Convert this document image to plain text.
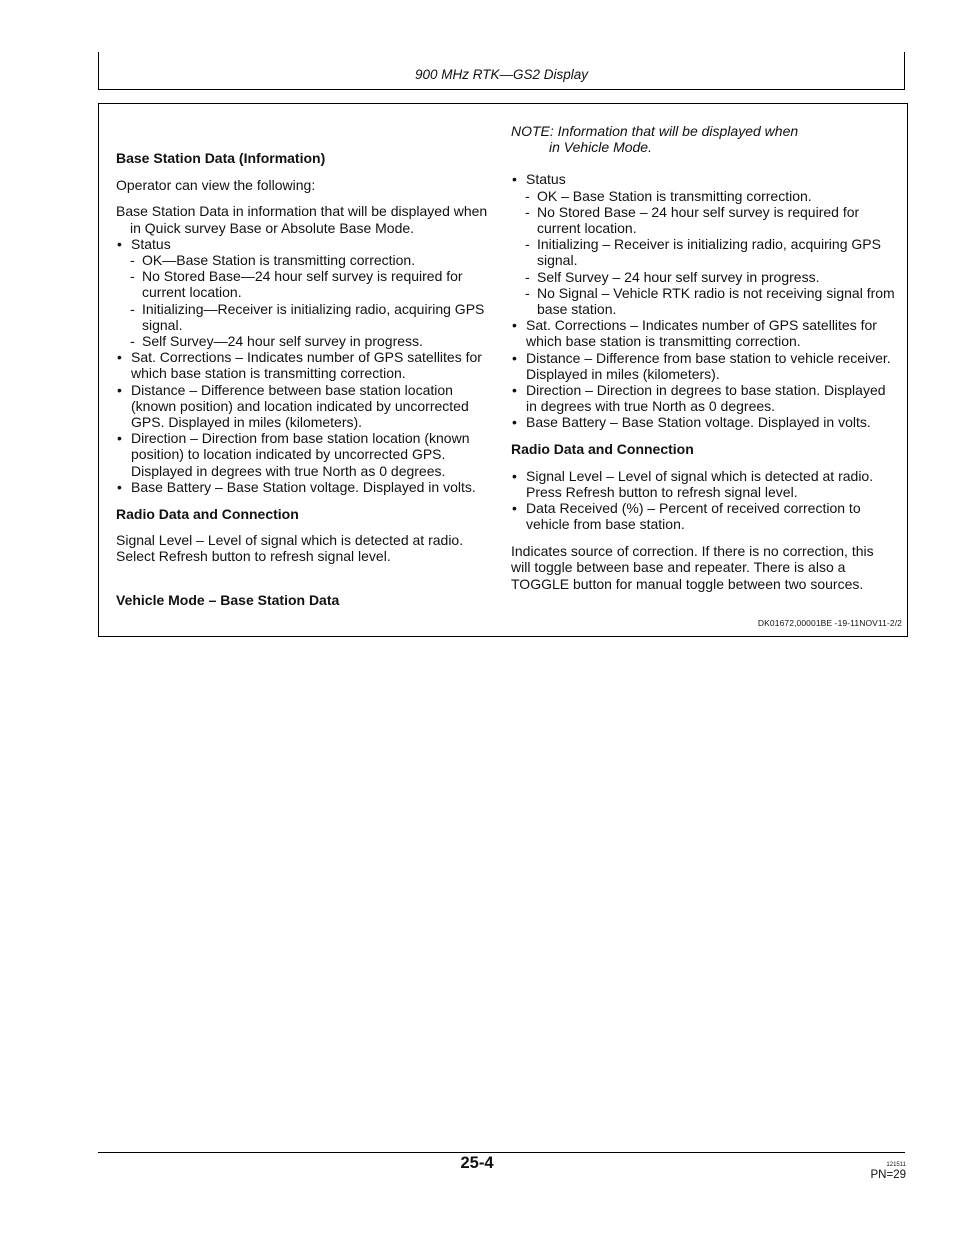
900 MHz RTK—GS2 Display

Base Station Data (Information)

Operator can view the following:

Base Station Data in information that will be displayed when in Quick survey Base or Absolute Base Mode.

• Status

- OK—Base Station is transmitting correction.

- No Stored Base—24 hour self survey is required for current location.

- Initializing—Receiver is initializing radio, acquiring GPS signal.

- Self Survey—24 hour self survey in progress.

• Sat. Corrections – Indicates number of GPS satellites for which base station is transmitting correction.

• Distance – Difference between base station location (known position) and location indicated by uncorrected GPS. Displayed in miles (kilometers).

• Direction – Direction from base station location (known position) to location indicated by uncorrected GPS. Displayed in degrees with true North as 0 degrees.

• Base Battery – Base Station voltage. Displayed in volts.

Radio Data and Connection

Signal Level – Level of signal which is detected at radio. Select Refresh button to refresh signal level.

Vehicle Mode – Base Station Data

NOTE: Information that will be displayed when
in Vehicle Mode.

• Status

- OK – Base Station is transmitting correction.

- No Stored Base – 24 hour self survey is required for current location.

- Initializing – Receiver is initializing radio, acquiring GPS signal.

- Self Survey – 24 hour self survey in progress.

- No Signal – Vehicle RTK radio is not receiving signal from base station.

• Sat. Corrections – Indicates number of GPS satellites for which base station is transmitting correction.

• Distance – Difference from base station to vehicle receiver. Displayed in miles (kilometers).

• Direction – Direction in degrees to base station. Displayed in degrees with true North as 0 degrees.

• Base Battery – Base Station voltage. Displayed in volts.

Radio Data and Connection

• Signal Level – Level of signal which is detected at radio. Press Refresh button to refresh signal level.

• Data Received (%) – Percent of received correction to vehicle from base station.

Indicates source of correction. If there is no correction, this will toggle between base and repeater. There is also a TOGGLE button for manual toggle between two sources.

DK01672,00001BE -19-11NOV11-2/2
25-4	121511
PN=29
